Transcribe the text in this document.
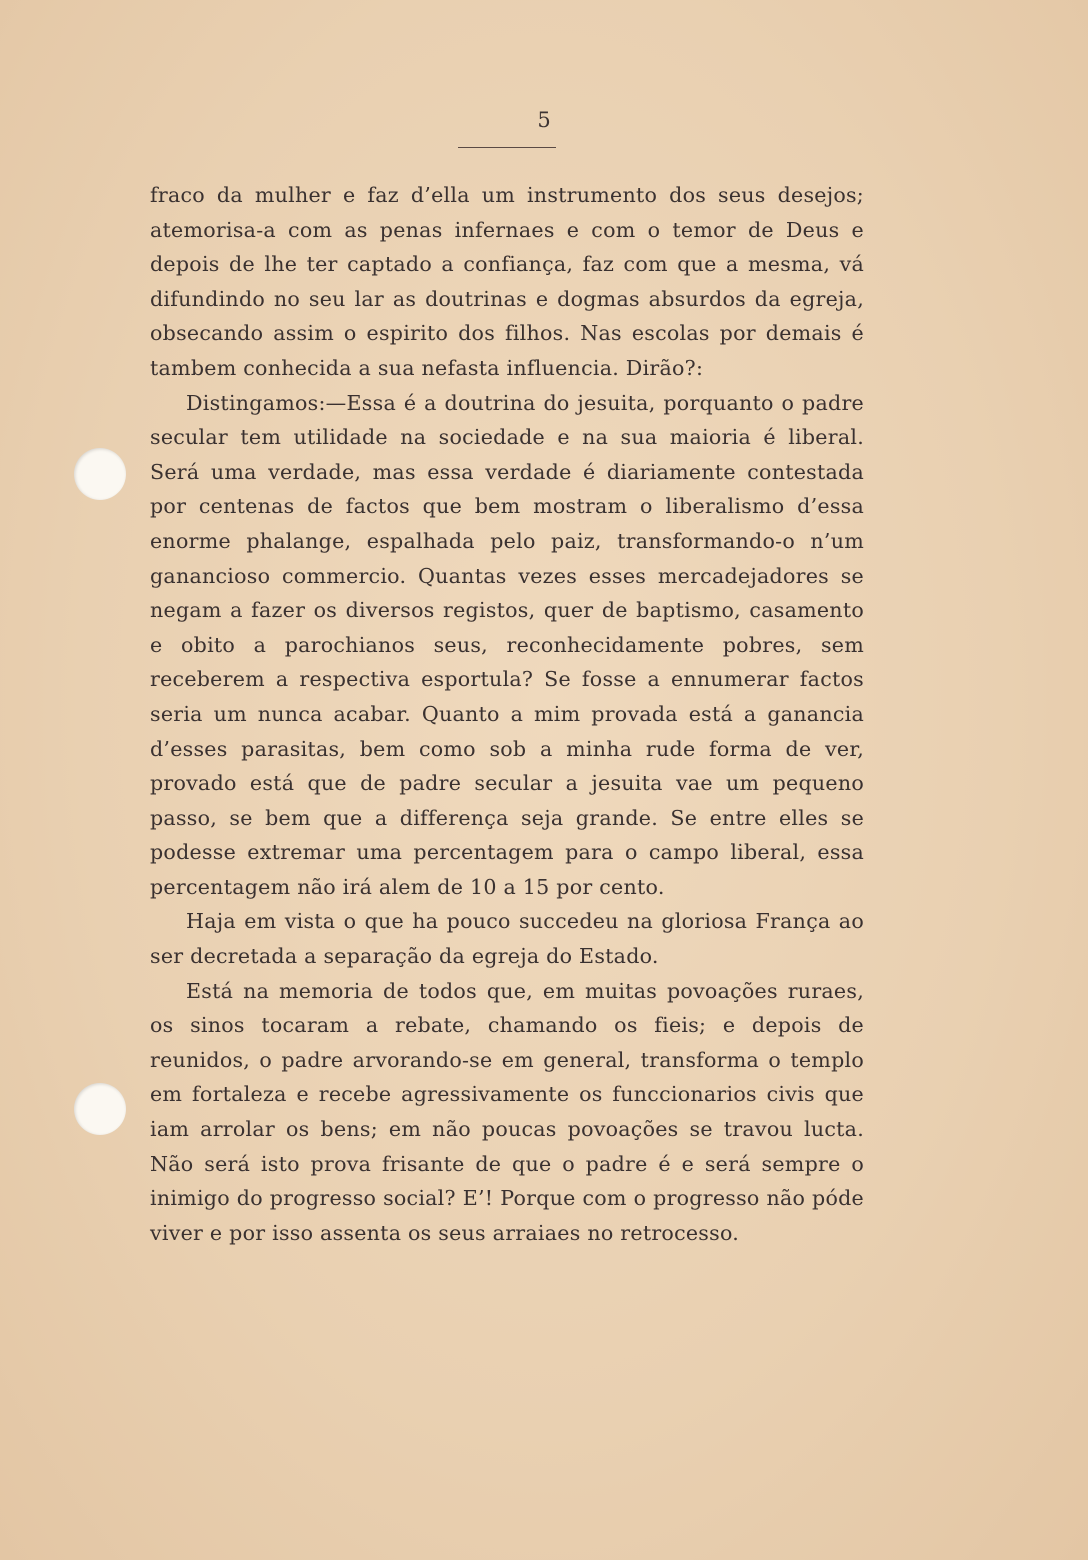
5

fraco da mulher e faz d’ella um instrumento dos seus desejos; atemorisa-a com as penas infernaes e com o temor de Deus e depois de lhe ter captado a confiança, faz com que a mesma, vá difundindo no seu lar as doutrinas e dogmas absurdos da egreja, obsecando assim o espirito dos filhos. Nas escolas por demais é tambem conhecida a sua nefasta influencia. Dirão?:

Distingamos:—Essa é a doutrina do jesuita, porquanto o padre secular tem utilidade na sociedade e na sua maioria é liberal. Será uma verdade, mas essa verdade é diariamente contestada por centenas de factos que bem mostram o liberalismo d’essa enorme phalange, espalhada pelo paiz, transformando-o n’um ganancioso commercio. Quantas vezes esses mercadejadores se negam a fazer os diversos registos, quer de baptismo, casamento e obito a parochianos seus, reconhecidamente pobres, sem receberem a respectiva esportula? Se fosse a ennumerar factos seria um nunca acabar. Quanto a mim provada está a ganancia d’esses parasitas, bem como sob a minha rude forma de ver, provado está que de padre secular a jesuita vae um pequeno passo, se bem que a differença seja grande. Se entre elles se podesse extremar uma percentagem para o campo liberal, essa percentagem não irá alem de 10 a 15 por cento.

Haja em vista o que ha pouco succedeu na gloriosa França ao ser decretada a separação da egreja do Estado.

Está na memoria de todos que, em muitas povoações ruraes, os sinos tocaram a rebate, chamando os fieis; e depois de reunidos, o padre arvorando-se em general, transforma o templo em fortaleza e recebe agressivamente os funccionarios civis que iam arrolar os bens; em não poucas povoações se travou lucta. Não será isto prova frisante de que o padre é e será sempre o inimigo do progresso social? E’! Porque com o progresso não póde viver e por isso assenta os seus arraiaes no retrocesso.
